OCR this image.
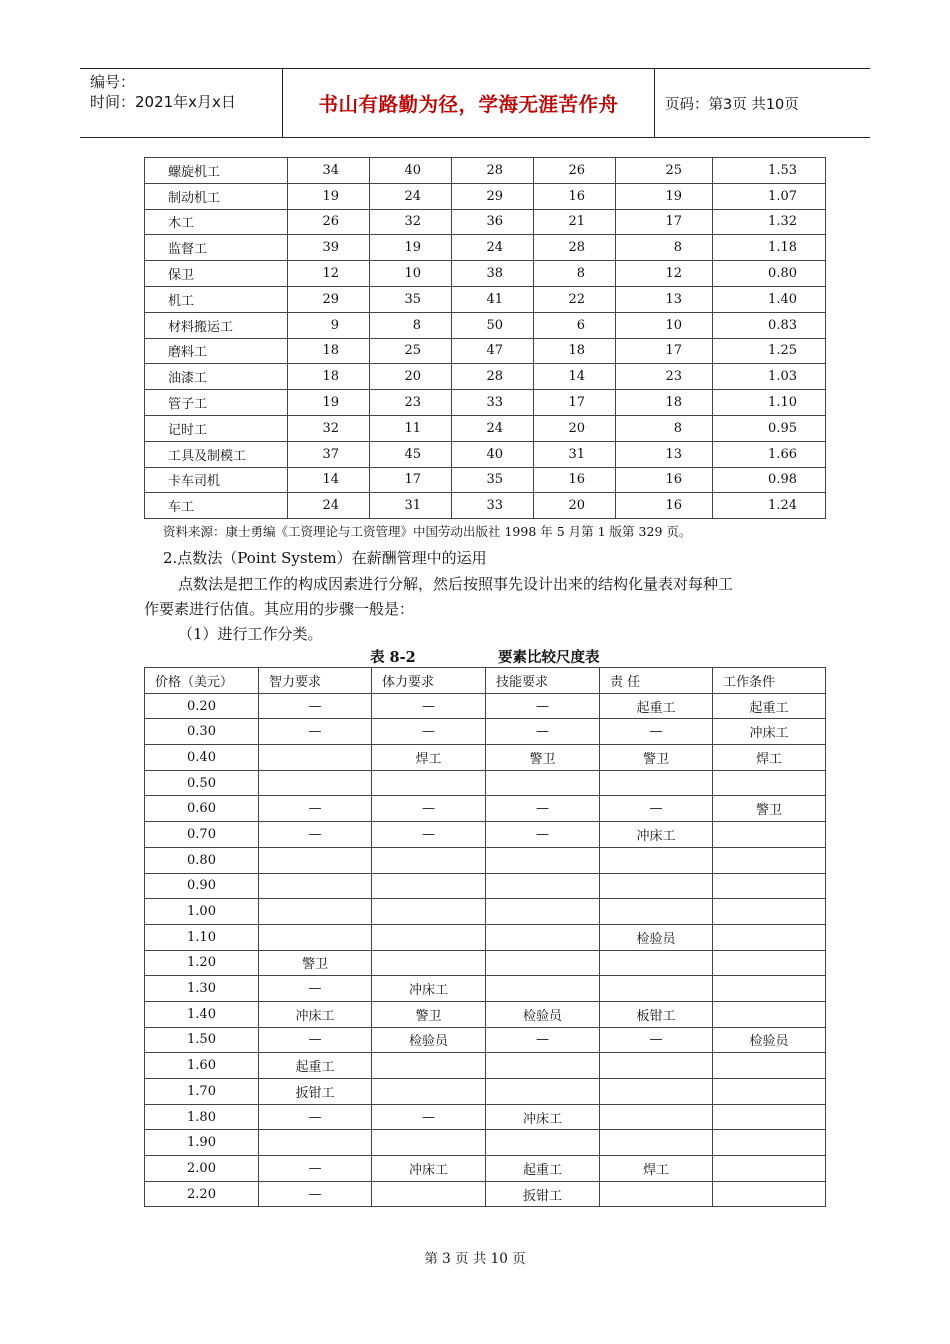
编号：
时间：2021年x月x日	书山有路勤为径，学海无涯苦作舟	页码：第3页 共10页
螺旋机工	34	40	28	26	25	1.53
制动机工	19	24	29	16	19	1.07
木工	26	32	36	21	17	1.32
监督工	39	19	24	28	8	1.18
保卫	12	10	38	8	12	0.80
机工	29	35	41	22	13	1.40
材料搬运工	9	8	50	6	10	0.83
磨料工	18	25	47	18	17	1.25
油漆工	18	20	28	14	23	1.03
管子工	19	23	33	17	18	1.10
记时工	32	11	24	20	8	0.95
工具及制模工	37	45	40	31	13	1.66
卡车司机	14	17	35	16	16	0.98
车工	24	31	33	20	16	1.24
资料来源：康士勇编《工资理论与工资管理》中国劳动出版社 1998 年 5 月第 1 版第 329 页。
2.点数法（Point System）在薪酬管理中的运用
点数法是把工作的构成因素进行分解，然后按照事先设计出来的结构化量表对每种工
作要素进行估值。其应用的步骤一般是：
（1）进行工作分类。
表 8-2	要素比较尺度表
价格（美元）	智力要求	体力要求	技能要求	责 任	工作条件
0.20	—	—	—	起重工	起重工
0.30	—	—	—	—	冲床工
0.40		焊工	警卫	警卫	焊工
0.50					
0.60	—	—	—	—	警卫
0.70	—	—	—	冲床工	
0.80					
0.90					
1.00					
1.10				检验员	
1.20	警卫				
1.30	—	冲床工			
1.40	冲床工	警卫	检验员	板钳工	
1.50	—	检验员	—	—	检验员
1.60	起重工				
1.70	扳钳工				
1.80	—	—	冲床工		
1.90					
2.00	—	冲床工	起重工	焊工	
2.20	—		扳钳工		
第 3 页 共 10 页
